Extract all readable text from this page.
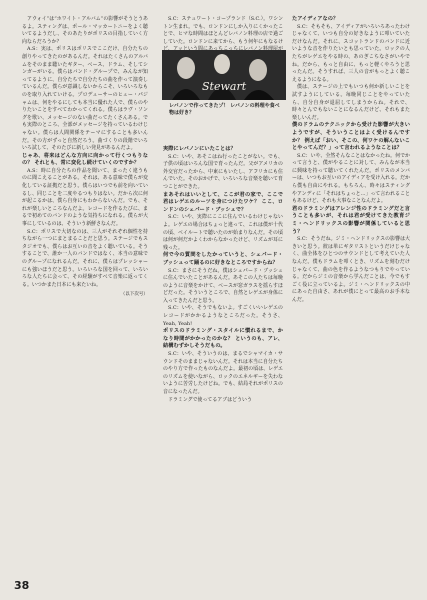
アウォイ”は“ホワイト・アルバム”の影響がそうとうあるよ。スティングは、ポール・マッカートニーをよく聴いてるようだし、そのあたりがポリスの目指していく方向ならだろうか？
A.S：実は、ポリスはポリスでここだけ、自分たちの創りやってきたのがあるんだ。それはたくさんのアルバムをそのまま聴いたギター、ベース、ドラム、そしてシンガーがいる。僕らはバンド・グループで、みんなが知ってるように、自分たちで自分たちの曲を作って演奏しているんだ。僕らが意識しないからこそ、いろいろなものを取り入れていける。プロデューサーのヒュー・パジャムは、何をやるにしても本当に優れた人で、僕らのやりたいことをすべてわかってくれる。僕らはラヴ・ソングを歌い、メッセージのない曲だってたくさんある。でも実際のところ、全部がメッセージを持っているわけじゃない。僕らは人間関係をテーマにすることも多いんだ。その方がずっと自然だろう。曲づくりの段階でいろいろ試して、そのたびに新しい発見があるんだよ。
じゃあ、将来はどんな方向に向かって行くつもりなの？ それとも、常に変化し続けていくのですか？
A.S：時に自分たちの作品を聞いて、まったく違うものに聞こえることがある。それは、ある意味で僕らが変化している証拠だと思う。僕らはいつでも前を向いているし、同じことを二度やるつもりはない。だから次に何が起こるかは、僕ら自身にもわからないんだ。でも、それが楽しいところなんだよ。レコードを作るたびに、まるで初めてのバンドのような気持ちになれる。僕らが大事にしているのは、そういう新鮮さなんだ。
S.C：ポリスで大切なのは、三人がそれぞれ個性を持ちながら一つにまとまることだと思う。ステージでもスタジオでも、僕らはお互いの音をよく聴いている。そうすることで、誰か一人のバンドではなく、本当の意味でのグループになれるんだ。それに、僕らはプレッシャーにも強いほうだと思う。いろいろな国を回って、いろいろな人たちに会って、その経験がすべて音楽に返ってくる。いつかまた日本にも来たいね。
（以下次号）
S.C：ステュワート・コープランド（S.C.）。ワシントン生まれ。でも、ロンドンにしか入りにくかったことで、ヒマな時間はほとんどレバノン料理の店で過ごしていた。ロンドンに来てから、もう何年にもなるけ
Stewart
レバノンで作ってきたゾ！ レバノンの料理や食べ物は好き？
実際にレバノンにいたことは？
S.C：いや、あそこはね行ったことがない。でも、子供の頃はいろんな国で育ったんだ。父がアメリカの外交官だったから、中東にもいたし、アフリカにも住んでいた。そのおかげで、いろいろな音楽を聴いて育つことができた。
まあそれはいいとして、ここが君の家で、ここで君はレゲエのルーツを身につけたワケ？ ここ、ロンドンのシェパード・ブッシュで？
S.C：いや、実際にここに住んでいるわけじゃないよ。レゲエの場合はちょっと違って、これは僕が十代の頃、ベイルートで聴いたのが始まりなんだ。その頃は何が何だかよくわからなかったけど、リズムが耳に残った。
何で今の質問をしたかっていうと、シェパード・ブッシュって踊るのに好きなところですからね？
S.C：まさにそうだね。僕はシェパード・ブッシュに住んでいたことがあるんだ。あそこの人たちは毎晩のように音楽をかけて、ベースが窓ガラスを揺らすほどだった。そういうところで、自然とレゲエが身体に入ってきたんだと思う。
S.C：いや、そうでもないよ。すごくいいレゲエのレコードがかかるようなところだった。そうさ、Yeah, Yeah!
ポリスのドラミング・スタイルに慣れるまで、かなり時間がかかったのかな？ というのも、アレ、結構むずかしそうだもの。
S.C：いや、そういうのは、まるでシャマイカ・サウンドそのままじゃないんだ。それは本当に自分たちのやり方で作ったものなんだよ。最初の頃は、レゲエのリズムを使いながら、ロックのエネルギーを失わないように苦労したけどね。でも、結局それがポリスの音になったんだ。
ドラミングで使ってるアブはどういう
たアイディアなの？
S.C：そもそも、アイディアがいろいろあったわけじゃなくて、いつも自分の好きなように叩いていただけなんだ。それに、スコットランドのバンドに近いような音を作りたいとも思っていた。ロックの人たちがレゲエをやる時の、あのぎこちなさがいやでね。だから、もっと自由に、もっと軽くやろうと思ったんだ。そうすれば、三人の音がもっとよく聴こえるようになる。
僕は、ステージの上でもいつも何か新しいことを試すようにしている。毎晩同じことをやっていたら、自分自身が退屈してしまうからね。それで、時々とんでもないことになるんだけど、それもまた楽しいんだ。
僕のドラムのテクニックから受けた影響が大きいようですが、そういうことはよく受けるんですか？ 例えば「おい、そこの、何ワケの解んないことやってんだ？」って言われるようなことは？
S.C：いや、全然そんなことはなかったね。何でかって言うと、僕がやることに対して、みんなが本当に興味を持って聴いてくれたんだ。ポリスのメンバーは、いつもお互いのアイディアを受け入れる。だから僕も自由にやれる。もちろん、時々はスティングやアンディに「それはちょっと…」って言われることもあるけど、それも大事なことなんだよ。
君のドラミングはアレンジ性のドラミングだと言うことも多いが、それは君が受けてきた教育ジミ・ヘンドリックスの影響が関係していると思う？
S.C：そうだね。ジミ・ヘンドリックスの影響は大きいと思う。彼は単にギタリストというだけじゃなく、曲全体をひとつのサウンドとして考えていた人なんだ。僕もドラムを叩くとき、リズムを刻むだけじゃなくて、曲の色を作るようなつもりでやっている。だからジミの音楽から学んだことは、今でもすごく役に立っているよ。ジミ・ヘンドリックスの中にあった自由さ、あれが僕にとって最高のお手本なんだ。
38
